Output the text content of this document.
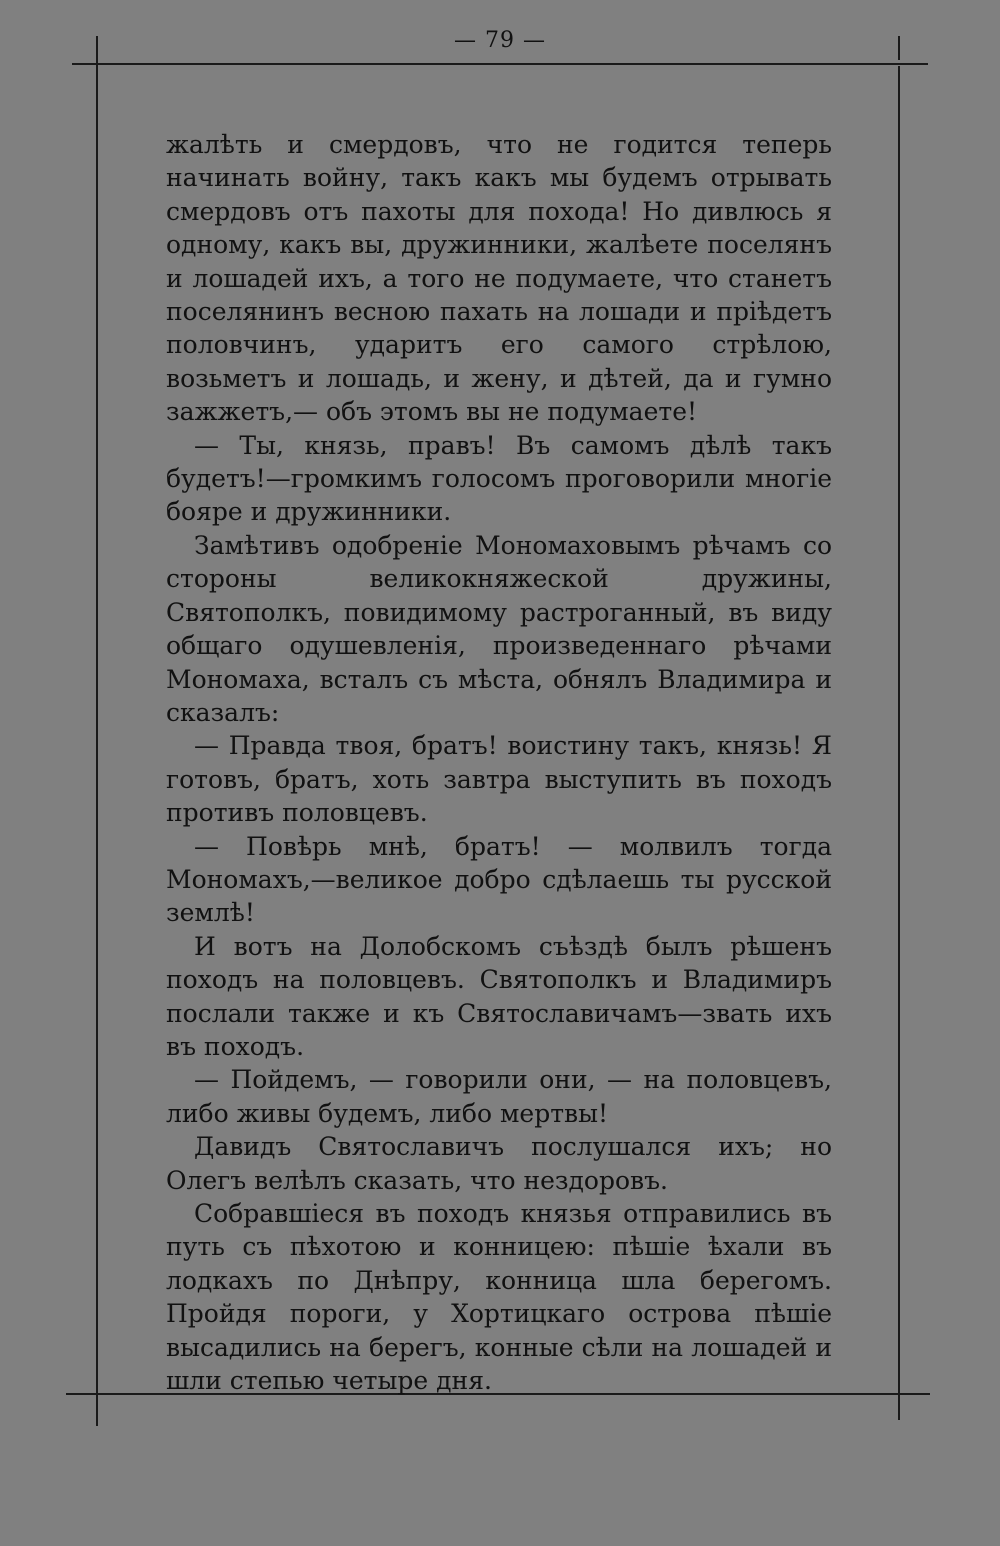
— 79 —

жалѣть и смердовъ, что не годится теперь начинать войну, такъ какъ мы будемъ отрывать смердовъ отъ пахоты для похода! Но дивлюсь я одному, какъ вы, дружинники, жалѣете поселянъ и лошадей ихъ, а того не подумаете, что станетъ поселянинъ весною пахать на лошади и прiѣдетъ половчинъ, ударитъ его самого стрѣлою, возьметъ и лошадь, и жену, и дѣтей, да и гумно зажжетъ,— объ этомъ вы не подумаете!

— Ты, князь, правъ! Въ самомъ дѣлѣ такъ будетъ!—громкимъ голосомъ проговорили многiе бояре и дружинники.

Замѣтивъ одобренiе Мономаховымъ рѣчамъ со стороны великокняжеской дружины, Святополкъ, повидимому растроганный, въ виду общаго одушевленiя, произведеннаго рѣчами Мономаха, всталъ съ мѣста, обнялъ Владимира и сказалъ:

— Правда твоя, братъ! воистину такъ, князь! Я готовъ, братъ, хоть завтра выступить въ походъ противъ половцевъ.

— Повѣрь мнѣ, братъ! — молвилъ тогда Мономахъ,—великое добро сдѣлаешь ты русской землѣ!

И вотъ на Долобскомъ съѣздѣ былъ рѣшенъ походъ на половцевъ. Святополкъ и Владимиръ послали также и къ Святославичамъ—звать ихъ въ походъ.

— Пойдемъ, — говорили они, — на половцевъ, либо живы будемъ, либо мертвы!

Давидъ Святославичъ послушался ихъ; но Олегъ велѣлъ сказать, что нездоровъ.

Собравшiеся въ походъ князья отправились въ путь съ пѣхотою и конницею: пѣшiе ѣхали въ лодкахъ по Днѣпру, конница шла берегомъ. Пройдя пороги, у Хортицкаго острова пѣшiе высадились на берегъ, конные сѣли на лошадей и шли степью четыре дня.
